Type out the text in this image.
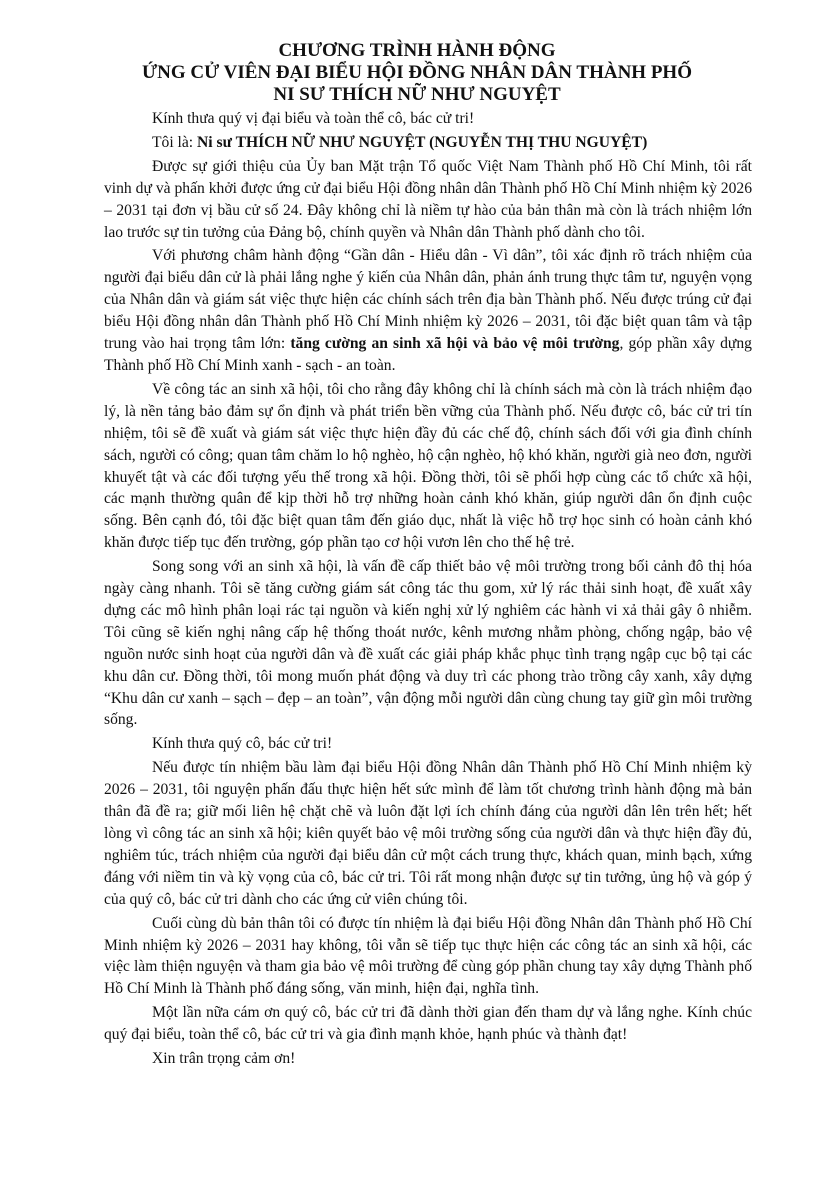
CHƯƠNG TRÌNH HÀNH ĐỘNG
ỨNG CỬ VIÊN ĐẠI BIỂU HỘI ĐỒNG NHÂN DÂN THÀNH PHỐ
NI SƯ THÍCH NỮ NHƯ NGUYỆT

Kính thưa quý vị đại biểu và toàn thể cô, bác cử tri!

Tôi là: Ni sư THÍCH NỮ NHƯ NGUYỆT (NGUYỄN THỊ THU NGUYỆT)

Được sự giới thiệu của Ủy ban Mặt trận Tổ quốc Việt Nam Thành phố Hồ Chí Minh, tôi rất vinh dự và phấn khởi được ứng cử đại biểu Hội đồng nhân dân Thành phố Hồ Chí Minh nhiệm kỳ 2026 – 2031 tại đơn vị bầu cử số 24. Đây không chỉ là niềm tự hào của bản thân mà còn là trách nhiệm lớn lao trước sự tin tưởng của Đảng bộ, chính quyền và Nhân dân Thành phố dành cho tôi.

Với phương châm hành động “Gần dân - Hiểu dân - Vì dân”, tôi xác định rõ trách nhiệm của người đại biểu dân cử là phải lắng nghe ý kiến của Nhân dân, phản ánh trung thực tâm tư, nguyện vọng của Nhân dân và giám sát việc thực hiện các chính sách trên địa bàn Thành phố. Nếu được trúng cử đại biểu Hội đồng nhân dân Thành phố Hồ Chí Minh nhiệm kỳ 2026 – 2031, tôi đặc biệt quan tâm và tập trung vào hai trọng tâm lớn: tăng cường an sinh xã hội và bảo vệ môi trường, góp phần xây dựng Thành phố Hồ Chí Minh xanh - sạch - an toàn.

Về công tác an sinh xã hội, tôi cho rằng đây không chỉ là chính sách mà còn là trách nhiệm đạo lý, là nền tảng bảo đảm sự ổn định và phát triển bền vững của Thành phố. Nếu được cô, bác cử tri tín nhiệm, tôi sẽ đề xuất và giám sát việc thực hiện đầy đủ các chế độ, chính sách đối với gia đình chính sách, người có công; quan tâm chăm lo hộ nghèo, hộ cận nghèo, hộ khó khăn, người già neo đơn, người khuyết tật và các đối tượng yếu thế trong xã hội. Đồng thời, tôi sẽ phối hợp cùng các tổ chức xã hội, các mạnh thường quân để kịp thời hỗ trợ những hoàn cảnh khó khăn, giúp người dân ổn định cuộc sống. Bên cạnh đó, tôi đặc biệt quan tâm đến giáo dục, nhất là việc hỗ trợ học sinh có hoàn cảnh khó khăn được tiếp tục đến trường, góp phần tạo cơ hội vươn lên cho thế hệ trẻ.

Song song với an sinh xã hội, là vấn đề cấp thiết bảo vệ môi trường trong bối cảnh đô thị hóa ngày càng nhanh. Tôi sẽ tăng cường giám sát công tác thu gom, xử lý rác thải sinh hoạt, đề xuất xây dựng các mô hình phân loại rác tại nguồn và kiến nghị xử lý nghiêm các hành vi xả thải gây ô nhiễm. Tôi cũng sẽ kiến nghị nâng cấp hệ thống thoát nước, kênh mương nhằm phòng, chống ngập, bảo vệ nguồn nước sinh hoạt của người dân và đề xuất các giải pháp khắc phục tình trạng ngập cục bộ tại các khu dân cư. Đồng thời, tôi mong muốn phát động và duy trì các phong trào trồng cây xanh, xây dựng “Khu dân cư xanh – sạch – đẹp – an toàn”, vận động mỗi người dân cùng chung tay giữ gìn môi trường sống.

Kính thưa quý cô, bác cử tri!

Nếu được tín nhiệm bầu làm đại biểu Hội đồng Nhân dân Thành phố Hồ Chí Minh nhiệm kỳ 2026 – 2031, tôi nguyện phấn đấu thực hiện hết sức mình để làm tốt chương trình hành động mà bản thân đã đề ra; giữ mối liên hệ chặt chẽ và luôn đặt lợi ích chính đáng của người dân lên trên hết; hết lòng vì công tác an sinh xã hội; kiên quyết bảo vệ môi trường sống của người dân và thực hiện đầy đủ, nghiêm túc, trách nhiệm của người đại biểu dân cử một cách trung thực, khách quan, minh bạch, xứng đáng với niềm tin và kỳ vọng của cô, bác cử tri. Tôi rất mong nhận được sự tin tưởng, ủng hộ và góp ý của quý cô, bác cử tri dành cho các ứng cử viên chúng tôi.

Cuối cùng dù bản thân tôi có được tín nhiệm là đại biểu Hội đồng Nhân dân Thành phố Hồ Chí Minh nhiệm kỳ 2026 – 2031 hay không, tôi vẫn sẽ tiếp tục thực hiện các công tác an sinh xã hội, các việc làm thiện nguyện và tham gia bảo vệ môi trường để cùng góp phần chung tay xây dựng Thành phố Hồ Chí Minh là Thành phố đáng sống, văn minh, hiện đại, nghĩa tình.

Một lần nữa cám ơn quý cô, bác cử tri đã dành thời gian đến tham dự và lắng nghe. Kính chúc quý đại biểu, toàn thể cô, bác cử tri và gia đình mạnh khỏe, hạnh phúc và thành đạt!

Xin trân trọng cảm ơn!
